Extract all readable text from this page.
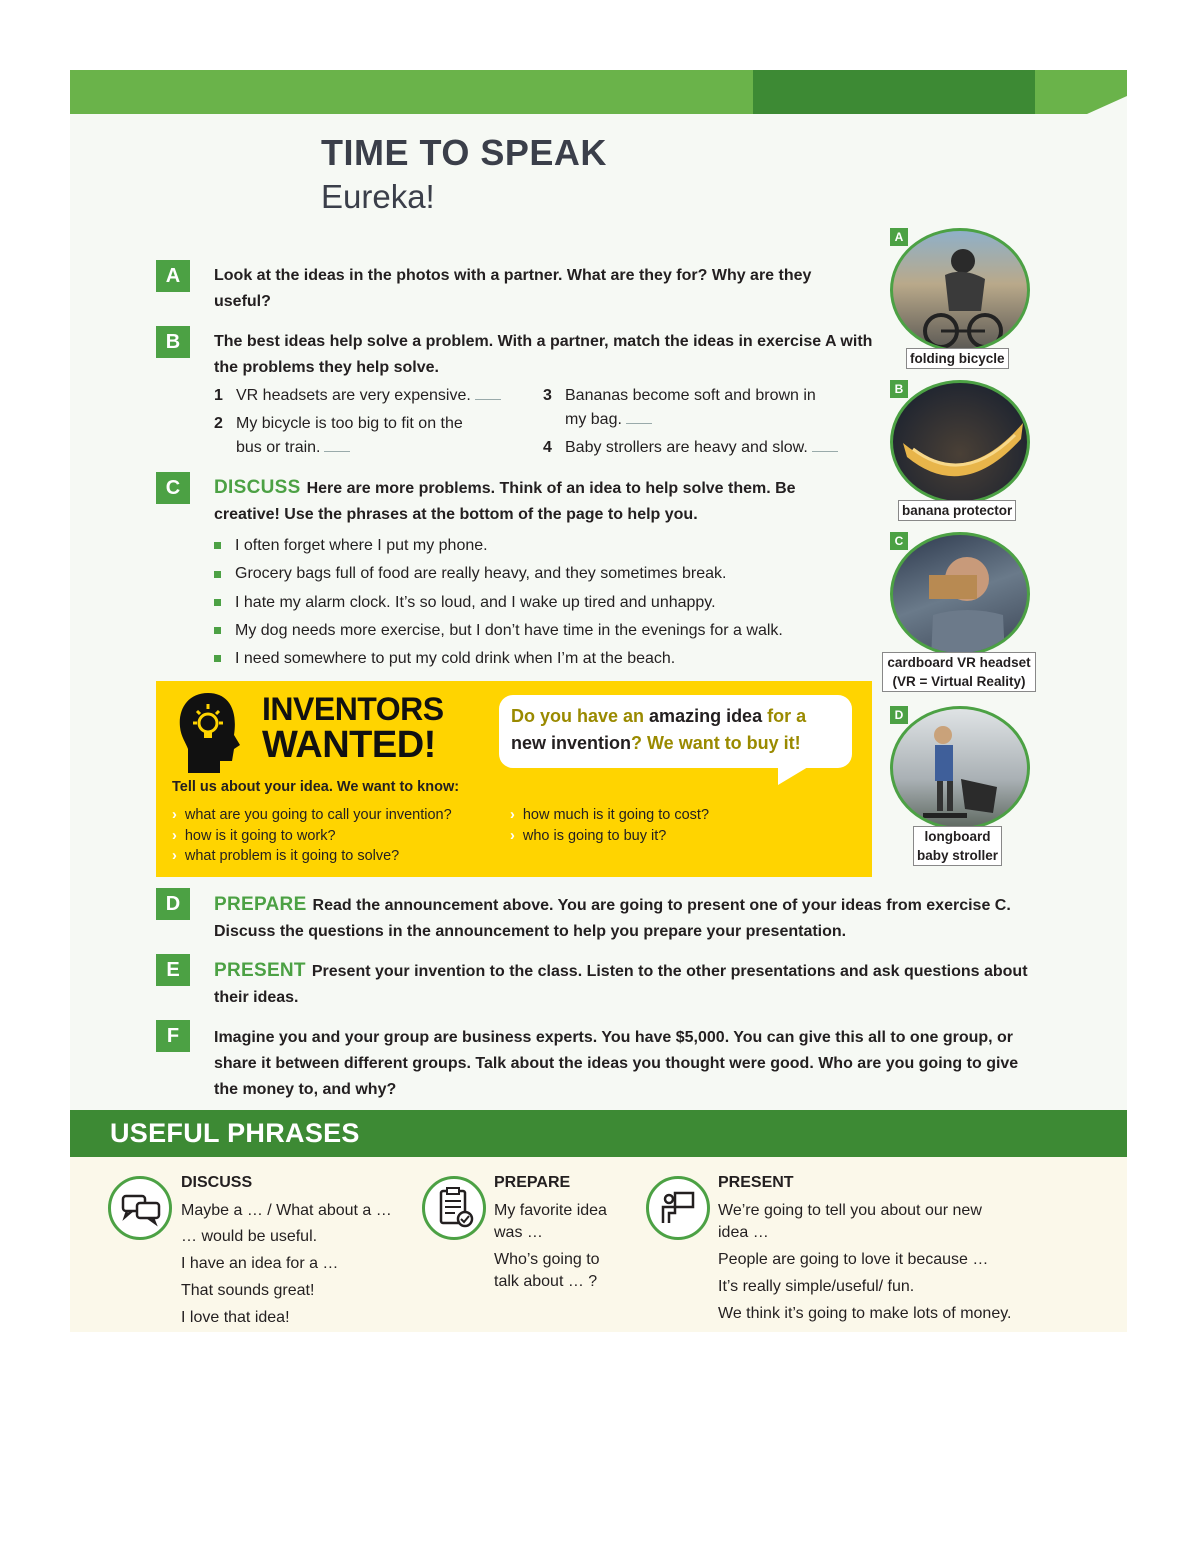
TIME TO SPEAK
Eureka!
A	Look at the ideas in the photos with a partner. What are they for? Why are they useful?
B	The best ideas help solve a problem. With a partner, match the ideas in exercise A with the problems they help solve.
1 VR headsets are very expensive.
2 My bicycle is too big to fit on the
bus or train.
3 Bananas become soft and brown in
my bag.
4 Baby strollers are heavy and slow.
C	DISCUSS Here are more problems. Think of an idea to help solve them. Be creative! Use the phrases at the bottom of the page to help you.
I often forget where I put my phone.
Grocery bags full of food are really heavy, and they sometimes break.
I hate my alarm clock. It’s so loud, and I wake up tired and unhappy.
My dog needs more exercise, but I don’t have time in the evenings for a walk.
I need somewhere to put my cold drink when I’m at the beach.
INVENTORS
WANTED!
Do you have an amazing idea for a
new invention? We want to buy it!
Tell us about your idea. We want to know:
› what are you going to call your invention?
› how is it going to work?
› what problem is it going to solve?
› how much is it going to cost?
› who is going to buy it?
A
folding bicycle
B
banana protector
C
cardboard VR headset
(VR = Virtual Reality)
D
longboard
baby stroller
D	PREPARE Read the announcement above. You are going to present one of your ideas from exercise C. Discuss the questions in the announcement to help you prepare your presentation.
E	PRESENT Present your invention to the class. Listen to the other presentations and ask questions about their ideas.
F	Imagine you and your group are business experts. You have $5,000. You can give this all to one group, or share it between different groups. Talk about the ideas you thought were good. Who are you going to give the money to, and why?
USEFUL PHRASES
DISCUSS
Maybe a … / What about a …
… would be useful.
I have an idea for a …
That sounds great!
I love that idea!
PREPARE
My favorite idea
was …
Who’s going to
talk about … ?
PRESENT
We’re going to tell you about our new
idea …
People are going to love it because …
It’s really simple/useful/ fun.
We think it’s going to make lots of money.
